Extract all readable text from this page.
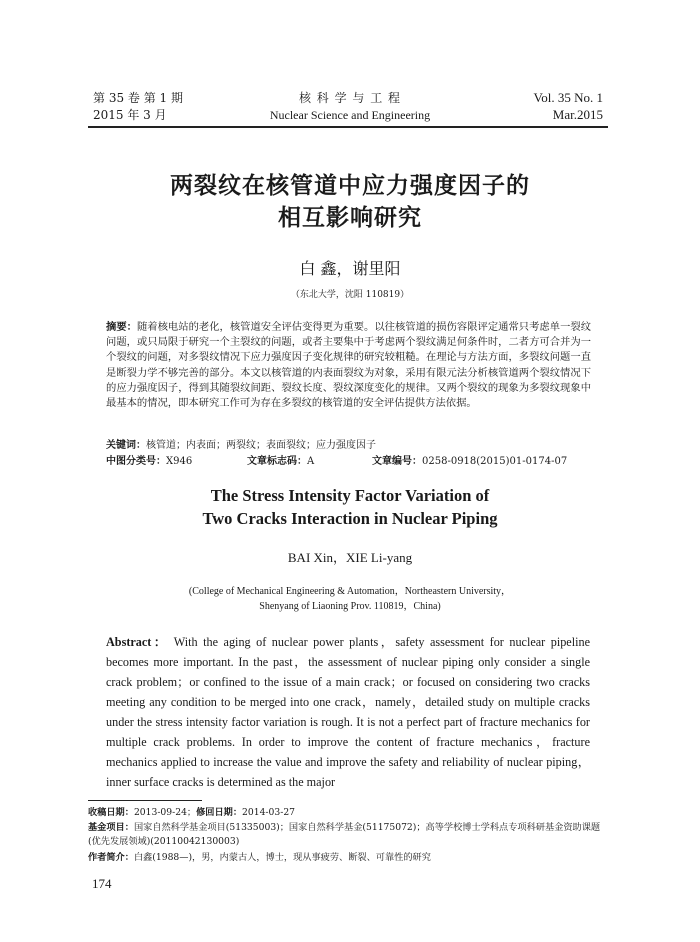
第 35 卷 第 1 期
2015 年 3 月
核 科 学 与 工 程
Nuclear Science and Engineering
Vol. 35 No. 1
Mar.2015
两裂纹在核管道中应力强度因子的
相互影响研究
白 鑫，谢里阳
（东北大学，沈阳 110819）
摘要：随着核电站的老化，核管道安全评估变得更为重要。以往核管道的损伤容限评定通常只考虑单一裂纹问题，或只局限于研究一个主裂纹的问题，或者主要集中于考虑两个裂纹满足何条件时，二者方可合并为一个裂纹的问题，对多裂纹情况下应力强度因子变化规律的研究较粗糙。在理论与方法方面，多裂纹问题一直是断裂力学不够完善的部分。本文以核管道的内表面裂纹为对象，采用有限元法分析核管道两个裂纹情况下的应力强度因子，得到其随裂纹间距、裂纹长度、裂纹深度变化的规律。又两个裂纹的现象为多裂纹现象中最基本的情况，即本研究工作可为存在多裂纹的核管道的安全评估提供方法依据。
关键词：核管道；内表面；两裂纹；表面裂纹；应力强度因子
中图分类号：X946	文章标志码：A	文章编号：0258-0918(2015)01-0174-07
The Stress Intensity Factor Variation of
Two Cracks Interaction in Nuclear Piping
BAI Xin，XIE Li-yang
(College of Mechanical Engineering & Automation，Northeastern University，
Shenyang of Liaoning Prov. 110819，China)
Abstract： With the aging of nuclear power plants，safety assessment for nuclear pipeline becomes more important. In the past，the assessment of nuclear piping only consider a single crack problem；or confined to the issue of a main crack；or focused on considering two cracks meeting any condition to be merged into one crack，namely，detailed study on multiple cracks under the stress intensity factor variation is rough. It is not a perfect part of fracture mechanics for multiple crack problems. In order to improve the content of fracture mechanics，fracture mechanics applied to increase the value and improve the safety and reliability of nuclear piping，inner surface cracks is determined as the major
收稿日期：2013-09-24；修回日期：2014-03-27
基金项目：国家自然科学基金项目(51335003)；国家自然科学基金(51175072)；高等学校博士学科点专项科研基金资助课题(优先发展领域)(20110042130003)
作者简介：白鑫(1988—)，男，内蒙古人，博士，现从事疲劳、断裂、可靠性的研究
174
